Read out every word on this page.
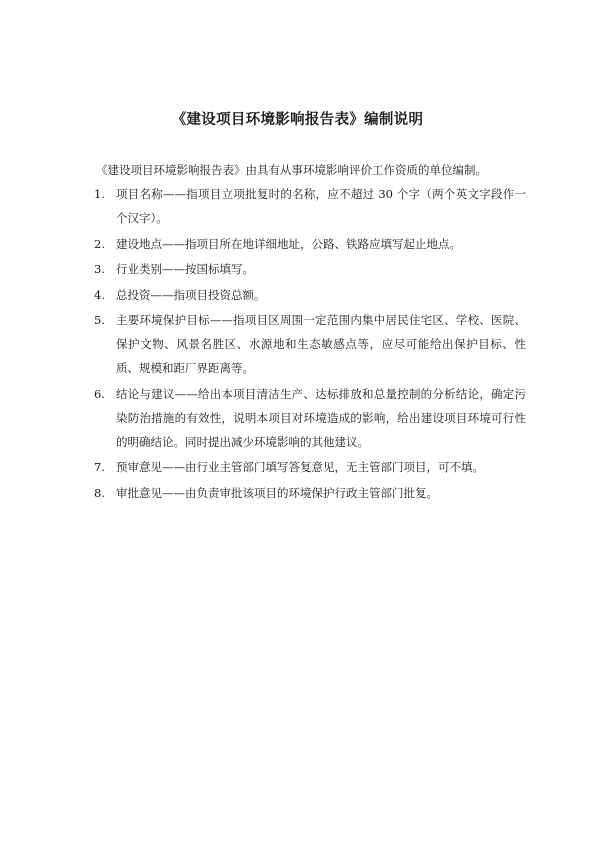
《建设项目环境影响报告表》编制说明
《建设项目环境影响报告表》由具有从事环境影响评价工作资质的单位编制。
1. 项目名称——指项目立项批复时的名称，应不超过 30 个字（两个英文字段作一个汉字）。
2. 建设地点——指项目所在地详细地址，公路、铁路应填写起止地点。
3. 行业类别——按国标填写。
4. 总投资——指项目投资总额。
5. 主要环境保护目标——指项目区周围一定范围内集中居民住宅区、学校、医院、保护文物、风景名胜区、水源地和生态敏感点等，应尽可能给出保护目标、性质、规模和距厂界距离等。
6. 结论与建议——给出本项目清洁生产、达标排放和总量控制的分析结论，确定污染防治措施的有效性，说明本项目对环境造成的影响，给出建设项目环境可行性的明确结论。同时提出减少环境影响的其他建议。
7. 预审意见——由行业主管部门填写答复意见，无主管部门项目，可不填。
8. 审批意见——由负责审批该项目的环境保护行政主管部门批复。
